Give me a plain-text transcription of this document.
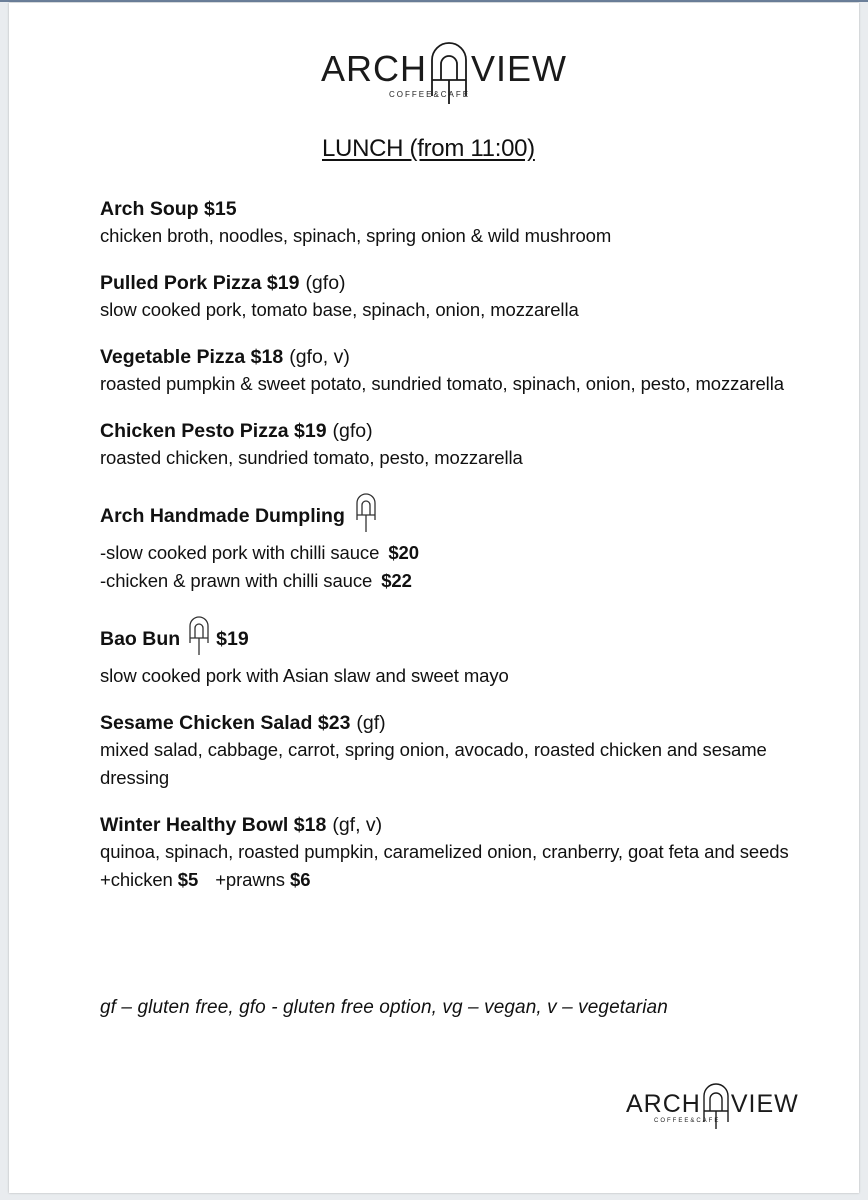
ARCH VIEW
COFFEE&CAFE
LUNCH (from 11:00)
Arch Soup
$15
chicken broth, noodles, spinach, spring onion & wild mushroom
Pulled Pork Pizza
$19 (gfo)
slow cooked pork, tomato base, spinach, onion, mozzarella
Vegetable Pizza
$18 (gfo, v)
roasted pumpkin & sweet potato, sundried tomato, spinach, onion, pesto, mozzarella
Chicken Pesto Pizza
$19 (gfo)
roasted chicken, sundried tomato, pesto, mozzarella
Arch Handmade Dumpling
-slow cooked pork with chilli sauce $20
-chicken & prawn with chilli sauce $22
Bao Bun $19
slow cooked pork with Asian slaw and sweet mayo
Sesame Chicken Salad
$23 (gf)
mixed salad, cabbage, carrot, spring onion, avocado, roasted chicken and sesame dressing
Winter Healthy Bowl
$18 (gf, v)
quinoa, spinach, roasted pumpkin, caramelized onion, cranberry, goat feta and seeds +chicken $5 +prawns $6
gf – gluten free, gfo - gluten free option, vg – vegan, v – vegetarian
ARCH VIEW
COFFEE&CAFE
